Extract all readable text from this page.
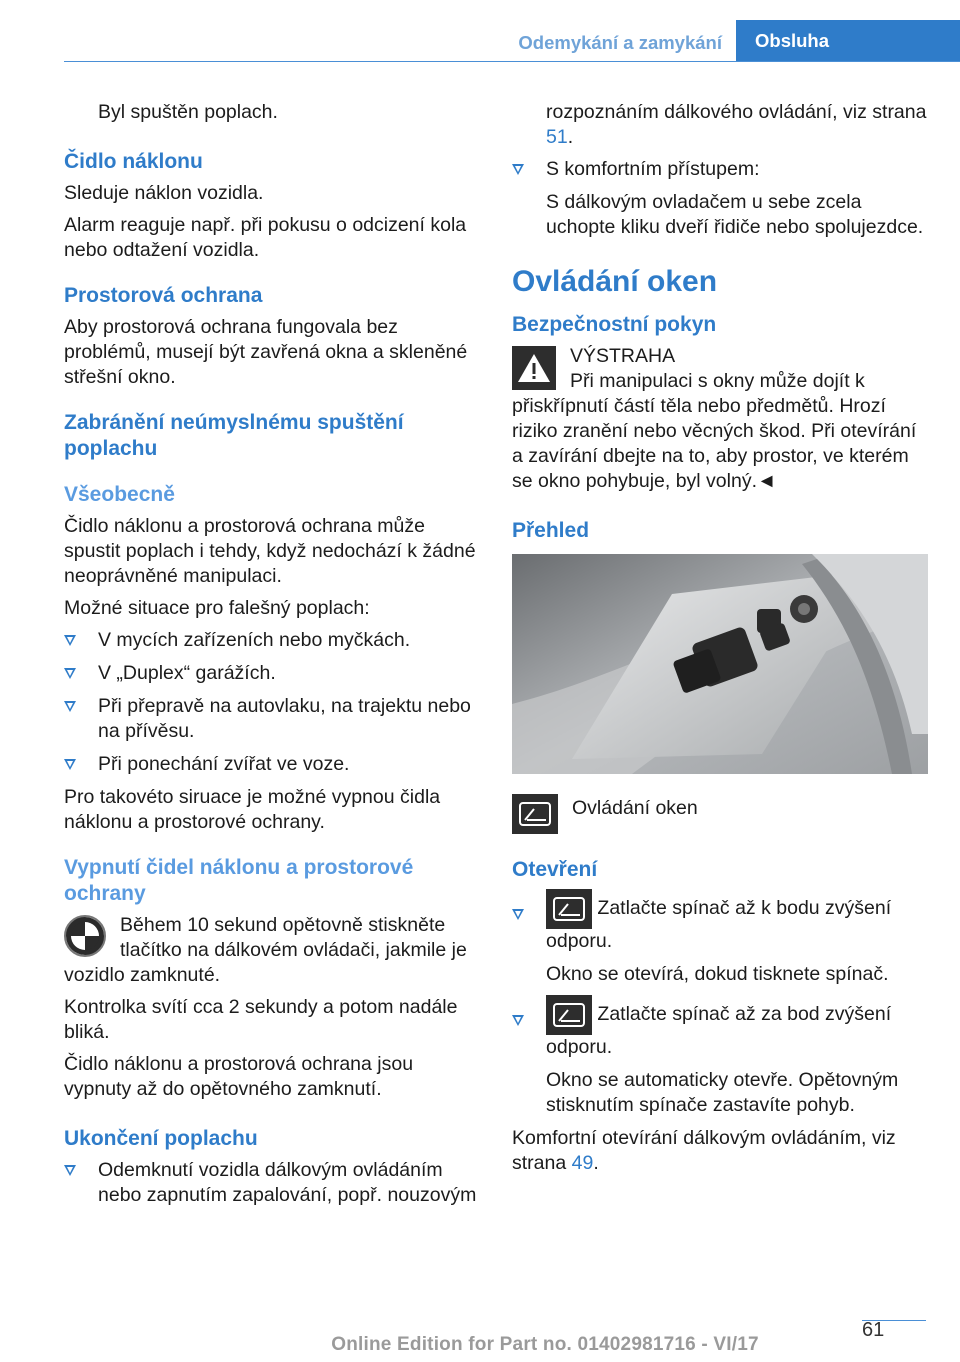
Odemykání a zamykání	Obsluha

Byl spuštěn poplach.

Čidlo náklonu

Sleduje náklon vozidla.

Alarm reaguje např. při pokusu o odcizení kola nebo odtažení vozidla.

Prostorová ochrana

Aby prostorová ochrana fungovala bez problémů, musejí být zavřená okna a skleněné střešní okno.

Zabránění neúmyslnému spuštění poplachu
Všeobecně

Čidlo náklonu a prostorová ochrana může spustit poplach i tehdy, když nedochází k žádné neoprávněné manipulaci.

Možné situace pro falešný poplach:

V mycích zařízeních nebo myčkách.
V „Duplex“ garážích.
Při přepravě na autovlaku, na trajektu nebo na přívěsu.
Při ponechání zvířat ve voze.

Pro takovéto siruace je možné vypnou čidla náklonu a prostorové ochrany.

Vypnutí čidel náklonu a prostorové ochrany

Během 10 sekund opětovně stiskněte tlačítko na dálkovém ovládači, jakmile je vozidlo zamknuté.

Kontrolka svítí cca 2 sekundy a potom nadále bliká.

Čidlo náklonu a prostorová ochrana jsou vypnuty až do opětovného zamknutí.

Ukončení poplachu
Odemknutí vozidla dálkovým ovládáním nebo zapnutím zapalování, popř. nouzovým

rozpoznáním dálkového ovládání, viz strana 51.

S komfortním přístupem:

S dálkovým ovladačem u sebe zcela uchopte kliku dveří řidiče nebo spolujezdce.

Ovládání oken
Bezpečnostní pokyn

VÝSTRAHA

Při manipulaci s okny může dojít k přiskřípnutí částí těla nebo předmětů. Hrozí riziko zranění nebo věcných škod. Při otevírání a zavírání dbejte na to, aby prostor, ve kterém se okno pohybuje, byl volný.◄

Přehled

Ovládání oken

Otevření
Zatlačte spínač až k bodu zvýšení odporu.

Okno se otevírá, dokud tisknete spínač.

Zatlačte spínač až za bod zvýšení odporu.

Okno se automaticky otevře. Opětovným stisknutím spínače zastavíte pohyb.

Komfortní otevírání dálkovým ovládáním, viz strana 49.

61
Online Edition for Part no. 01402981716 - VI/17
